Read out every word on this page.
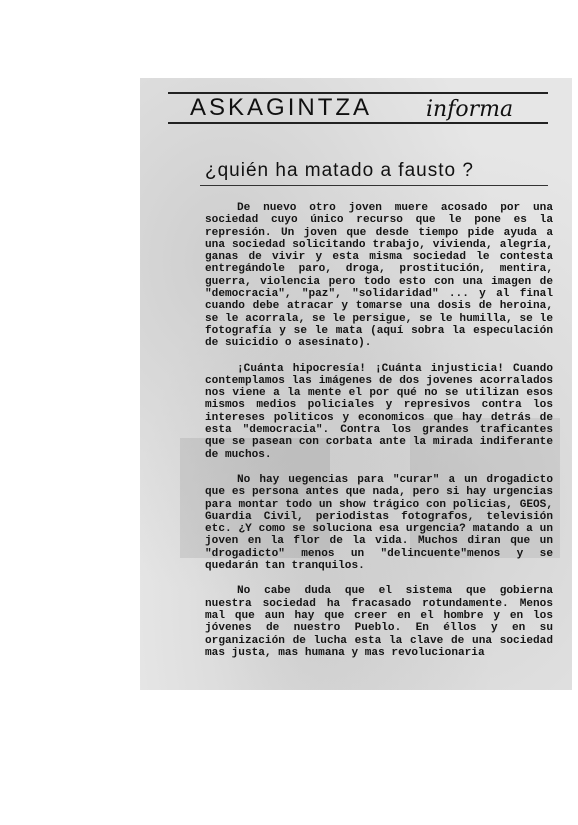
ASKAGINTZA informa
¿quién ha matado a fausto ?

De nuevo otro joven muere acosado por una sociedad cuyo único recurso que le pone es la represión. Un joven que desde tiempo pide ayuda a una sociedad solicitando trabajo, vivienda, alegría, ganas de vivir y esta misma sociedad le contesta entregándole paro, droga, prostitución, mentira, guerra, violencia pero todo esto con una imagen de "democracia", "paz", "solidaridad" ... y al final cuando debe atracar y tomarse una dosis de heroina, se le acorrala, se le persigue, se le humilla, se le fotografía y se le mata (aquí sobra la especulación de suicidio o asesinato).

¡Cuánta hipocresía! ¡Cuánta injusticia! Cuando contemplamos las imágenes de dos jovenes acorralados nos viene a la mente el por qué no se utilizan esos mismos medios policiales y represivos contra los intereses politicos y economicos que hay detrás de esta "democracia". Contra los grandes traficantes que se pasean con corbata ante la mirada indiferante de muchos.

No hay uegencias para "curar" a un drogadicto que es persona antes que nada, pero si hay urgencias para montar todo un show trágico con policias, GEOS, Guardia Civil, periodistas fotografos, televisión etc. ¿Y como se soluciona esa urgencia? matando a un joven en la flor de la vida. Muchos diran que un "drogadicto" menos un "delincuente"menos y se quedarán tan tranquilos.

No cabe duda que el sistema que gobierna nuestra sociedad ha fracasado rotundamente. Menos mal que aun hay que creer en el hombre y en los jóvenes de nuestro Pueblo. En éllos y en su organización de lucha esta la clave de una sociedad mas justa, mas humana y mas revolucionaria
